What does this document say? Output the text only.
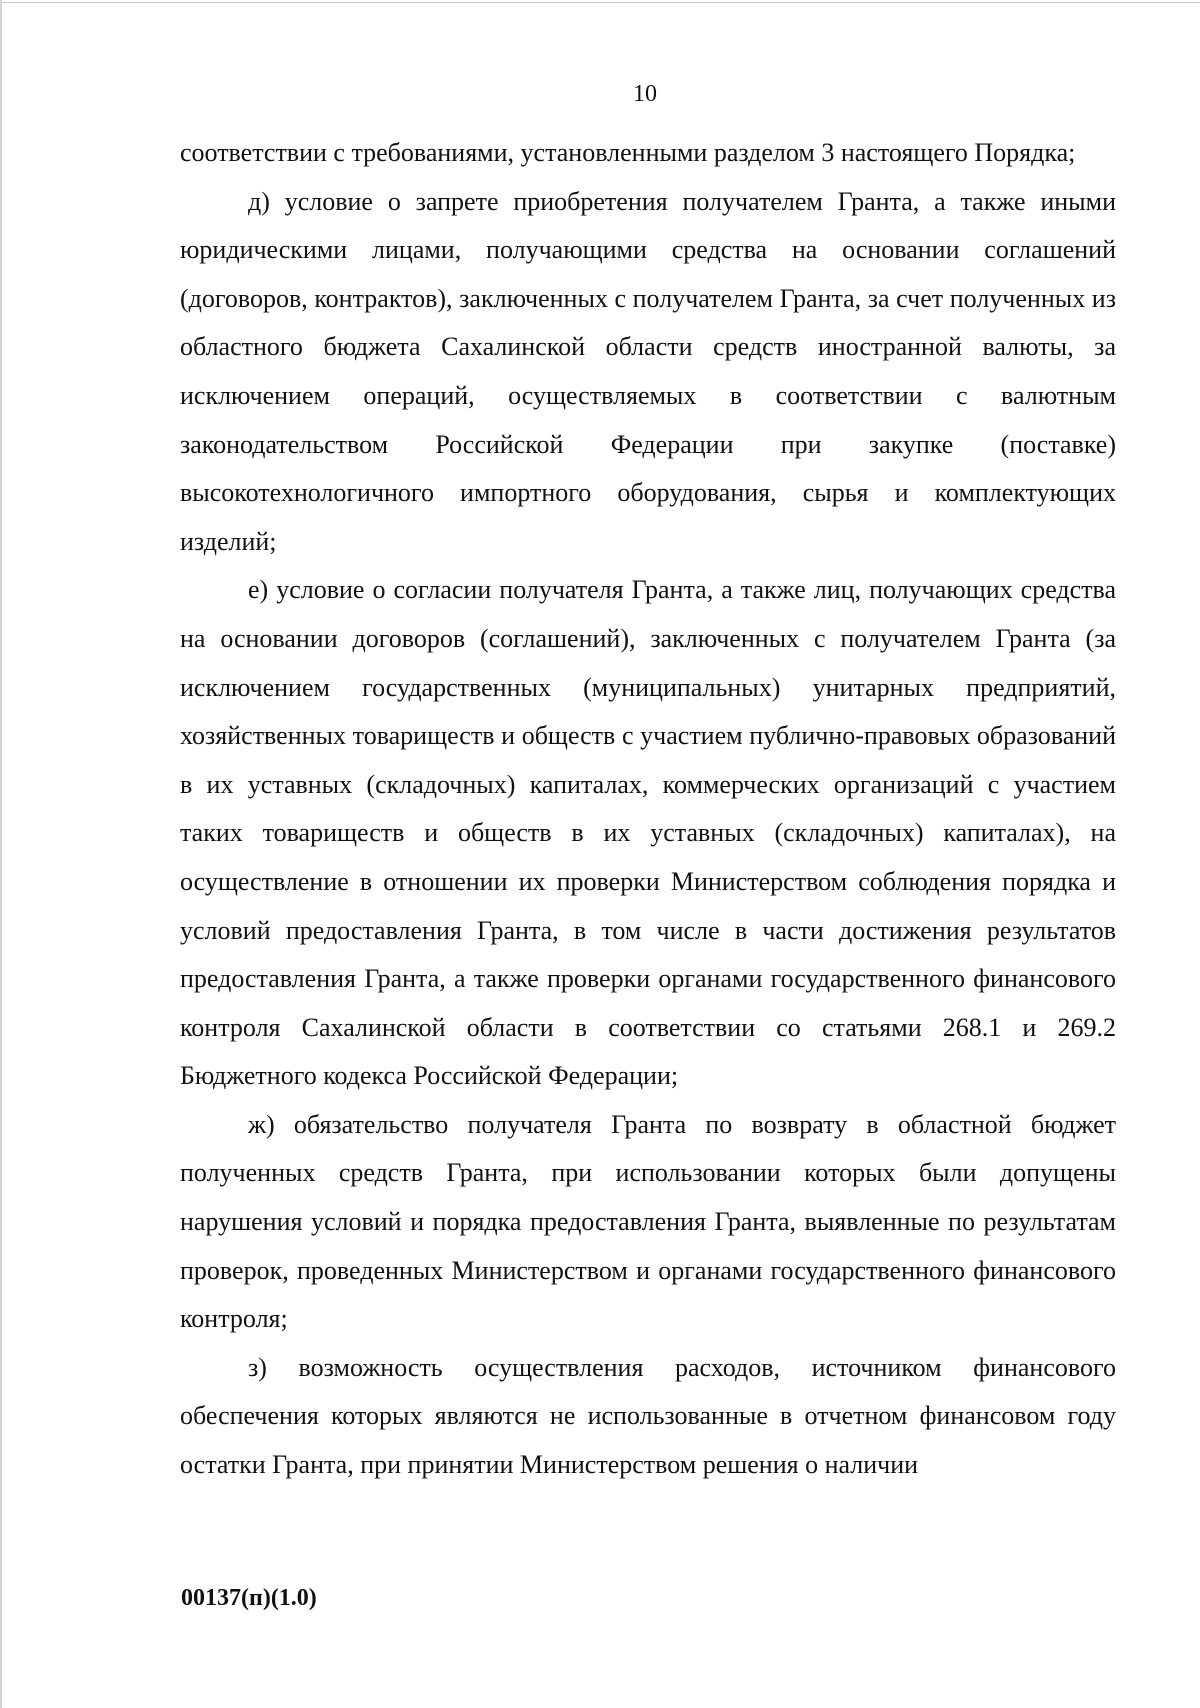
10

соответствии с требованиями, установленными разделом 3 настоящего Порядка;

д) условие о запрете приобретения получателем Гранта, а также иными юридическими лицами, получающими средства на основании соглашений (договоров, контрактов), заключенных с получателем Гранта, за счет полученных из областного бюджета Сахалинской области средств иностранной валюты, за исключением операций, осуществляемых в соответствии с валютным законодательством Российской Федерации при закупке (поставке) высокотехнологичного импортного оборудования, сырья и комплектующих изделий;

е) условие о согласии получателя Гранта, а также лиц, получающих средства на основании договоров (соглашений), заключенных с получателем Гранта (за исключением государственных (муниципальных) унитарных предприятий, хозяйственных товариществ и обществ с участием публично-правовых образований в их уставных (складочных) капиталах, коммерческих организаций с участием таких товариществ и обществ в их уставных (складочных) капиталах), на осуществление в отношении их проверки Министерством соблюдения порядка и условий предоставления Гранта, в том числе в части достижения результатов предоставления Гранта, а также проверки органами государственного финансового контроля Сахалинской области в соответствии со статьями 268.1 и 269.2 Бюджетного кодекса Российской Федерации;

ж) обязательство получателя Гранта по возврату в областной бюджет полученных средств Гранта, при использовании которых были допущены нарушения условий и порядка предоставления Гранта, выявленные по результатам проверок, проведенных Министерством и органами государственного финансового контроля;

з) возможность осуществления расходов, источником финансового обеспечения которых являются не использованные в отчетном финансовом году остатки Гранта, при принятии Министерством решения о наличии

00137(п)(1.0)
